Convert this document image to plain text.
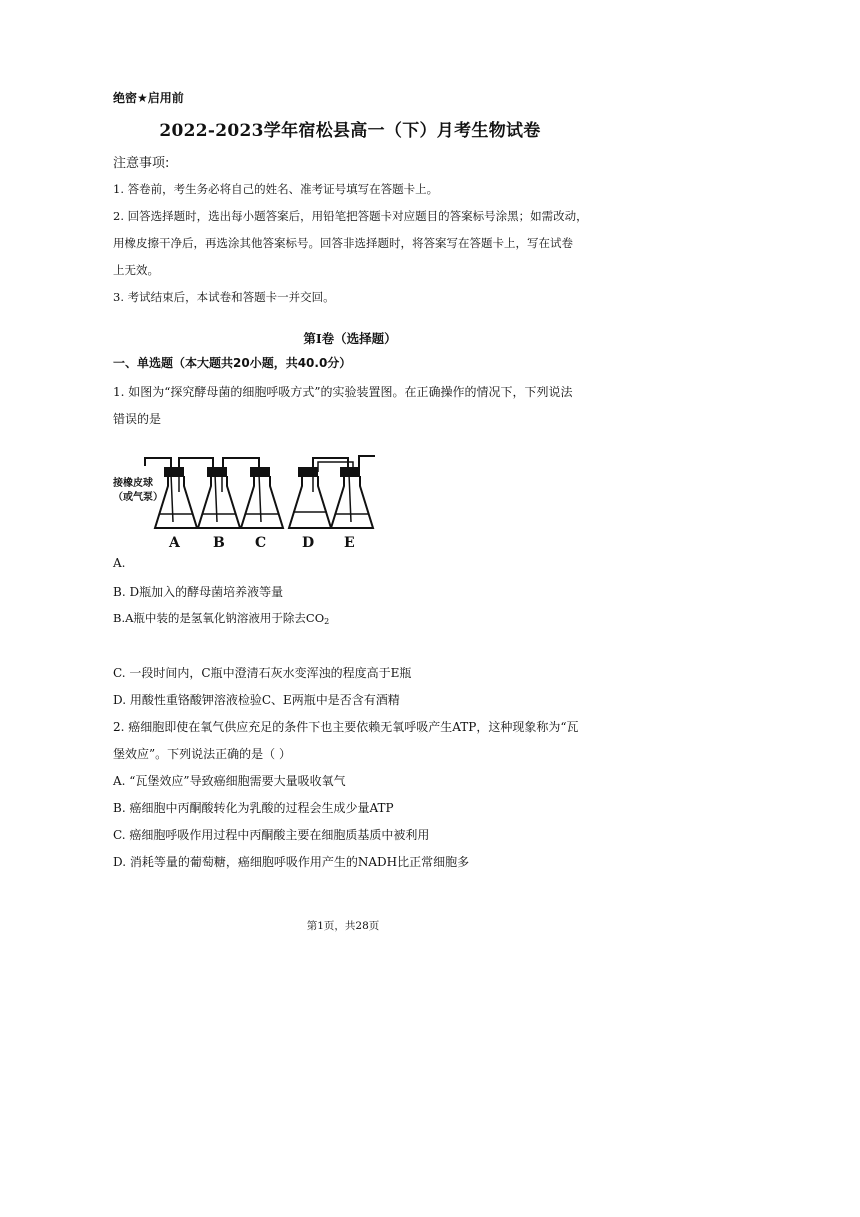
绝密★启用前
2022-2023学年宿松县高一（下）月考生物试卷
注意事项:
1. 答卷前，考生务必将自己的姓名、准考证号填写在答题卡上。
2. 回答选择题时，选出每小题答案后，用铅笔把答题卡对应题目的答案标号涂黑；如需改动，
用橡皮擦干净后，再选涂其他答案标号。回答非选择题时，将答案写在答题卡上，写在试卷
上无效。
3. 考试结束后，本试卷和答题卡一并交回。
第I卷（选择题）
一、单选题（本大题共20小题，共40.0分）
1. 如图为“探究酵母菌的细胞呼吸方式”的实验装置图。在正确操作的情况下，下列说法
错误的是
接橡皮球
（或气泵）
A B C	D E
A.
B. D瓶加入的酵母菌培养液等量
B.A瓶中装的是氢氧化钠溶液用于除去$CO_2$
C. 一段时间内，C瓶中澄清石灰水变浑浊的程度高于E瓶
D. 用酸性重铬酸钾溶液检验C、E两瓶中是否含有酒精
2. 癌细胞即使在氧气供应充足的条件下也主要依赖无氧呼吸产生ATP，这种现象称为“瓦
堡效应”。下列说法正确的是（ ）
A. “瓦堡效应”导致癌细胞需要大量吸收氧气
B. 癌细胞中丙酮酸转化为乳酸的过程会生成少量ATP
C. 癌细胞呼吸作用过程中丙酮酸主要在细胞质基质中被利用
D. 消耗等量的葡萄糖，癌细胞呼吸作用产生的NADH比正常细胞多
第1页，共28页
